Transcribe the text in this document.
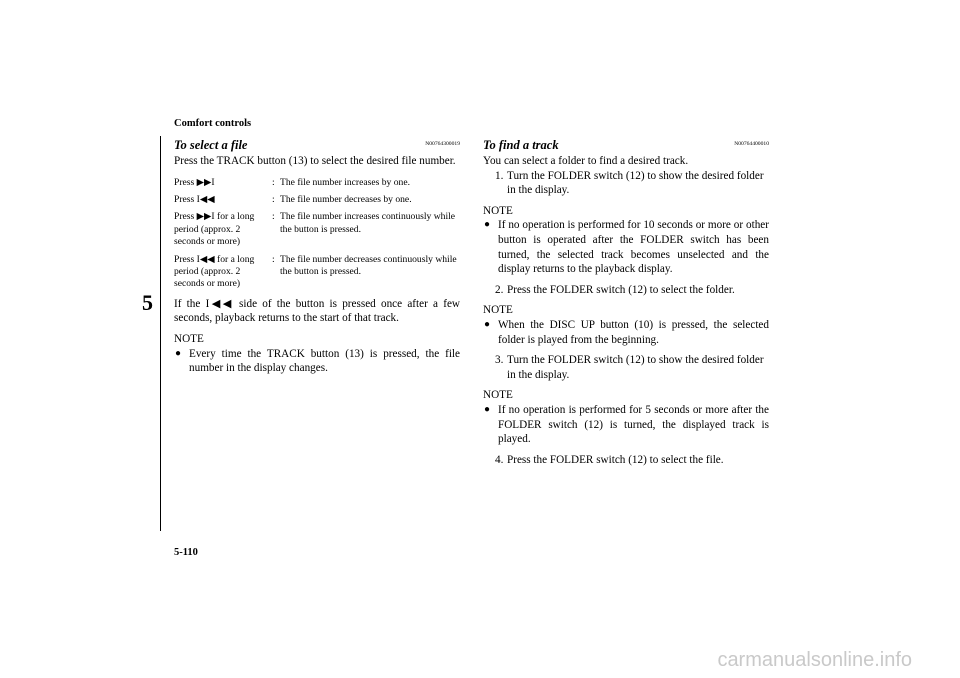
Comfort controls
5
To select a file	N00764300019

Press the TRACK button (13) to select the desired file number.

Press ▶▶I	: The file number increases by one.
Press I◀◀	: The file number decreases by one.
Press ▶▶I for a long period (approx. 2 seconds or more)
: The file number increases continuously while the button is pressed.
Press I◀◀ for a long period (approx. 2 seconds or more)
: The file number decreases continuously while the button is pressed.

If the I◀◀ side of the button is pressed once after a few seconds, playback returns to the start of that track.

NOTE
● Every time the TRACK button (13) is pressed, the file number in the display changes.
To find a track	N00764400010

You can select a folder to find a desired track.

1. Turn the FOLDER switch (12) to show the desired folder in the display.
NOTE
● If no operation is performed for 10 seconds or more or other button is operated after the FOLDER switch has been turned, the selected track becomes unselected and the display returns to the playback display.
2. Press the FOLDER switch (12) to select the folder.
NOTE
● When the DISC UP button (10) is pressed, the selected folder is played from the beginning.
3. Turn the FOLDER switch (12) to show the desired folder in the display.
NOTE
● If no operation is performed for 5 seconds or more after the FOLDER switch (12) is turned, the displayed track is played.
4. Press the FOLDER switch (12) to select the file.
5-110
carmanualsonline.info
